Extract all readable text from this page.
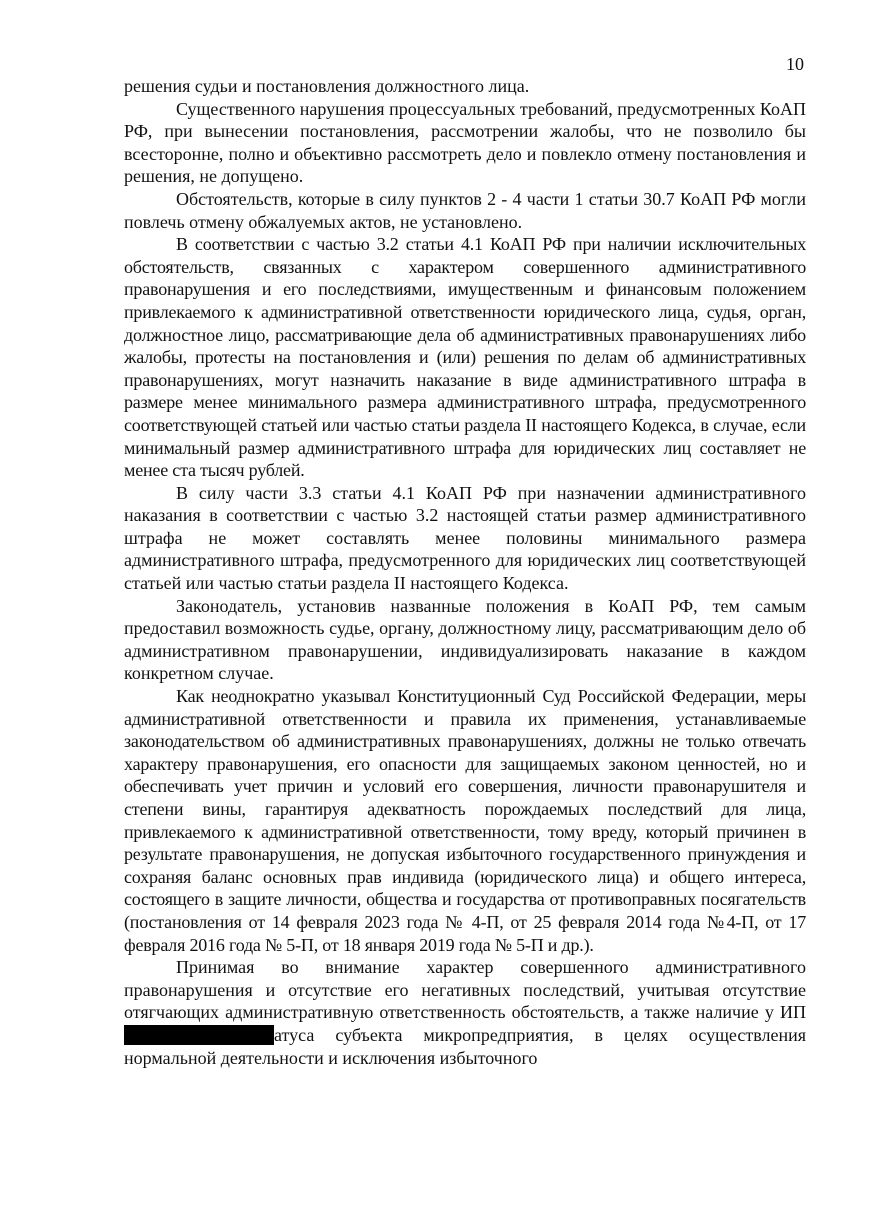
10

решения судьи и постановления должностного лица.

Существенного нарушения процессуальных требований, предусмотренных КоАП РФ, при вынесении постановления, рассмотрении жалобы, что не позволило бы всесторонне, полно и объективно рассмотреть дело и повлекло отмену постановления и решения, не допущено.

Обстоятельств, которые в силу пунктов 2 - 4 части 1 статьи 30.7 КоАП РФ могли повлечь отмену обжалуемых актов, не установлено.

В соответствии с частью 3.2 статьи 4.1 КоАП РФ при наличии исключительных обстоятельств, связанных с характером совершенного административного правонарушения и его последствиями, имущественным и финансовым положением привлекаемого к административной ответственности юридического лица, судья, орган, должностное лицо, рассматривающие дела об административных правонарушениях либо жалобы, протесты на постановления и (или) решения по делам об административных правонарушениях, могут назначить наказание в виде административного штрафа в размере менее минимального размера административного штрафа, предусмотренного соответствующей статьей или частью статьи раздела II настоящего Кодекса, в случае, если минимальный размер административного штрафа для юридических лиц составляет не менее ста тысяч рублей.

В силу части 3.3 статьи 4.1 КоАП РФ при назначении административного наказания в соответствии с частью 3.2 настоящей статьи размер административного штрафа не может составлять менее половины минимального размера административного штрафа, предусмотренного для юридических лиц соответствующей статьей или частью статьи раздела II настоящего Кодекса.

Законодатель, установив названные положения в КоАП РФ, тем самым предоставил возможность судье, органу, должностному лицу, рассматривающим дело об административном правонарушении, индивидуализировать наказание в каждом конкретном случае.

Как неоднократно указывал Конституционный Суд Российской Федерации, меры административной ответственности и правила их применения, устанавливаемые законодательством об административных правонарушениях, должны не только отвечать характеру правонарушения, его опасности для защищаемых законом ценностей, но и обеспечивать учет причин и условий его совершения, личности правонарушителя и степени вины, гарантируя адекватность порождаемых последствий для лица, привлекаемого к административной ответственности, тому вреду, который причинен в результате правонарушения, не допуская избыточного государственного принуждения и сохраняя баланс основных прав индивида (юридического лица) и общего интереса, состоящего в защите личности, общества и государства от противоправных посягательств (постановления от 14 февраля 2023 года № 4-П, от 25 февраля 2014 года №4-П, от 17 февраля 2016 года № 5-П, от 18 января 2019 года № 5-П и др.).

Принимая во внимание характер совершенного административного правонарушения и отсутствие его негативных последствий, учитывая отсутствие отягчающих административную ответственность обстоятельств, а также наличие у ИПатуса субъекта микропредприятия, в целях осуществления нормальной деятельности и исключения избыточного
